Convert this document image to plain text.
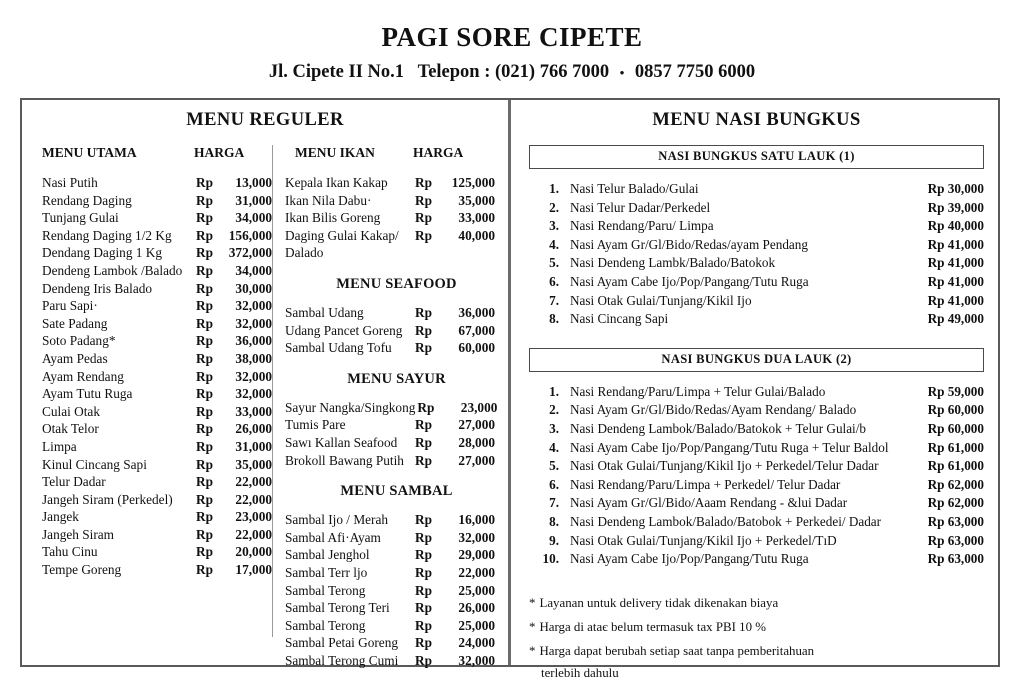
PAGI SORE CIPETE
Jl. Cipete II No.1 Telepon : (021) 766 7000 • 0857 7750 6000
MENU REGULER
MENU UTAMA	HARGA
Nasi Putih	Rp	13,000
Rendang Daging	Rp	31,000
Tunjang Gulai	Rp	34,000
Rendang Daging 1/2 Kg	Rp	156,000
Dendang Daging 1 Kg	Rp	372,000
Dendeng Lambok /Balado	Rp	34,000
Dendeng Iris Balado	Rp	30,000
Paru Sapi·	Rp	32,000
Sate Padang	Rp	32,000
Soto Padang*	Rp	36,000
Ayam Pedas	Rp	38,000
Ayam Rendang	Rp	32,000
Ayam Tutu Ruga	Rp	32,000
Culai Otak	Rp	33,000
Otak Telor	Rp	26,000
Limpa	Rp	31,000
Kinul Cincang Sapi	Rp	35,000
Telur Dadar	Rp	22,000
Jangeh Siram (Perkedel)	Rp	22,000
Jangek	Rp	23,000
Jangeh Siram	Rp	22,000
Tahu Cinu	Rp	20,000
Tempe Goreng	Rp	17,000
MENU IKAN	HARGA
Kepala Ikan Kakap	Rp	125,000
Ikan Nila Dabu·	Rp	35,000
Ikan Bilis Goreng	Rp	33,000
Daging Gulai Kakap/	Rp	40,000
Dalado
MENU SEAFOOD
Sambal Udang	Rp	36,000
Udang Pancet Goreng Rp	67,000
Sambal Udang Tofu	Rp	60,000
MENU SAYUR
Sayur Nangka/Singkong Rp	23,000
Tumis Pare	Rp	27,000
Sawı Kallan Seafood	Rp	28,000
Brokoll Bawang Putih Rp	27,000
MENU SAMBAL
Sambal Ijo / Merah	Rp	16,000
Sambal Afi·Ayam	Rp	32,000
Sambal Jenghol	Rp	29,000
Sambal Terr ljo	Rp	22,000
Sambal Terong	Rp	25,000
Sambal Terong Teri	Rp	26,000
Sambal Terong	Rp	25,000
Sambal Petai Goreng	Rp	24,000
Sambal Terong Cumi	Rp	32,000
MENU NASI BUNGKUS
NASI BUNGKUS SATU LAUK (1)
1. Nasi Telur Balado/Gulai	Rp 30,000
2. Nasi Telur Dadar/Perkedel	Rp 39,000
3. Nasi Rendang/Paru/ Limpa	Rp 40,000
4. Nasi Ayam Gr/Gl/Bido/Redas/ayam Pendang	Rp 41,000
5. Nasi Dendeng Lambk/Balado/Batokok	Rp 41,000
6. Nasi Ayam Cabe Ijo/Pop/Pangang/Tutu Ruga	Rp 41,000
7. Nasi Otak Gulai/Tunjang/Kikil Ijo	Rp 41,000
8. Nasi Cincang Sapi	Rp 49,000
NASI BUNGKUS DUA LAUK (2)
1. Nasi Rendang/Paru/Limpa + Telur Gulai/Balado	Rp 59,000
2. Nasi Ayam Gr/Gl/Bido/Redas/Ayam Rendang/ Balado	Rp 60,000
3. Nasi Dendeng Lambok/Balado/Batokok + Telur Gulai/b	Rp 60,000
4. Nasi Ayam Cabe Ijo/Pop/Pangang/Tutu Ruga + Telur Baldol	Rp 61,000
5. Nasi Otak Gulai/Tunjang/Kikil Ijo + Perkedel/Telur Dadar	Rp 61,000
6. Nasi Rendang/Paru/Limpa + Perkedel/ Telur Dadar	Rp 62,000
7. Nasi Ayam Gr/Gl/Bido/Aaam Rendang - &lui Dadar	Rp 62,000
8. Nasi Dendeng Lambok/Balado/Batobok + Perkedei/ Dadar	Rp 63,000
9. Nasi Otak Gulai/Tunjang/Kikil Ijo + Perkedel/TıD	Rp 63,000
10. Nasi Ayam Cabe Ijo/Pop/Pangang/Tutu Ruga	Rp 63,000

* Layanan untuk delivery tidak dikenakan biaya

* Harga di ataє belum termasuk tax PBI 10 %

* Harga dapat berubah setiap saat tanpa pemberitahuan

terlebih dahulu
